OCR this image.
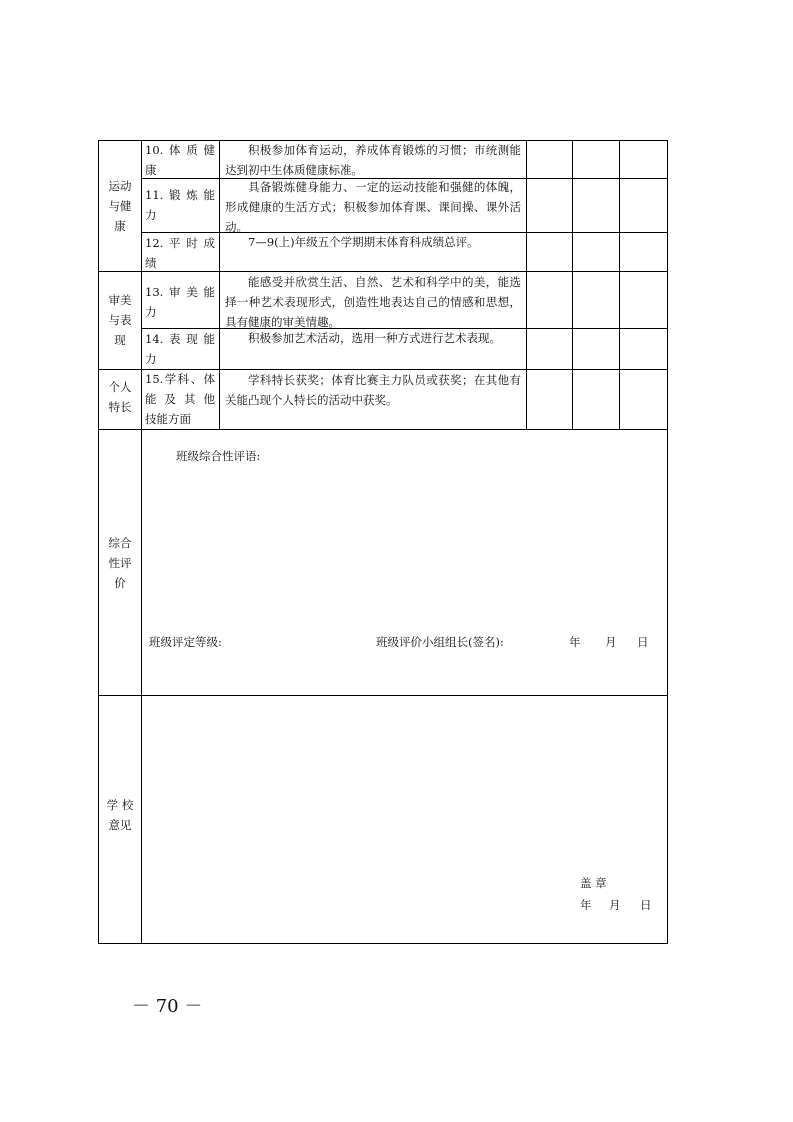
运动
与健
康
审美
与表
现
个人
特长
综合
性评
价
学 校
意见
10.体质健
康
11.锻炼能
力
12.平时成
绩
13.审美能
力
14.表现能
力
15.学科、体
能及其他
技能方面
积极参加体育运动，养成体育锻炼的习惯；市统测能达到初中生体质健康标准。
具备锻炼健身能力、一定的运动技能和强健的体魄，形成健康的生活方式；积极参加体育课、课间操、课外活动。
7—9(上)年级五个学期期末体育科成绩总评。
能感受并欣赏生活、自然、艺术和科学中的美，能选择一种艺术表现形式，创造性地表达自己的情感和思想，具有健康的审美情趣。
积极参加艺术活动，选用一种方式进行艺术表现。
学科特长获奖；体育比赛主力队员或获奖；在其他有关能凸现个人特长的活动中获奖。
班级综合性评语:
班级评定等级:	班级评价小组组长(签名):	年 月 日
盖 章
年 月 日
－ 70 －
